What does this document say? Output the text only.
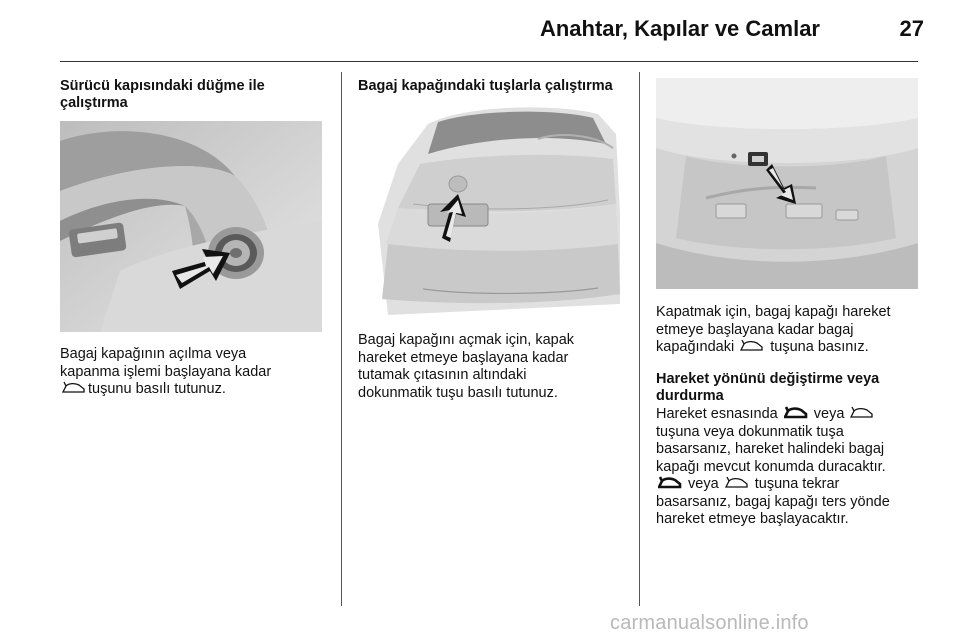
Anahtar, Kapılar ve Camlar	27
Sürücü kapısındaki düğme ile
çalıştırma
Bagaj kapağının açılma veya
kapanma işlemi başlayana kadar
tuşunu basılı tutunuz.
Bagaj kapağındaki tuşlarla çalıştırma
Bagaj kapağını açmak için, kapak
hareket etmeye başlayana kadar
tutamak çıtasının altındaki
dokunmatik tuşu basılı tutunuz.
Kapatmak için, bagaj kapağı hareket
etmeye başlayana kadar bagaj
kapağındaki tuşuna basınız.
Hareket yönünü değiştirme veya
durdurma
Hareket esnasında veya
tuşuna veya dokunmatik tuşa
basarsanız, hareket halindeki bagaj
kapağı mevcut konumda duracaktır.
veya tuşuna tekrar
basarsanız, bagaj kapağı ters yönde
hareket etmeye başlayacaktır.
carmanualsonline.info
